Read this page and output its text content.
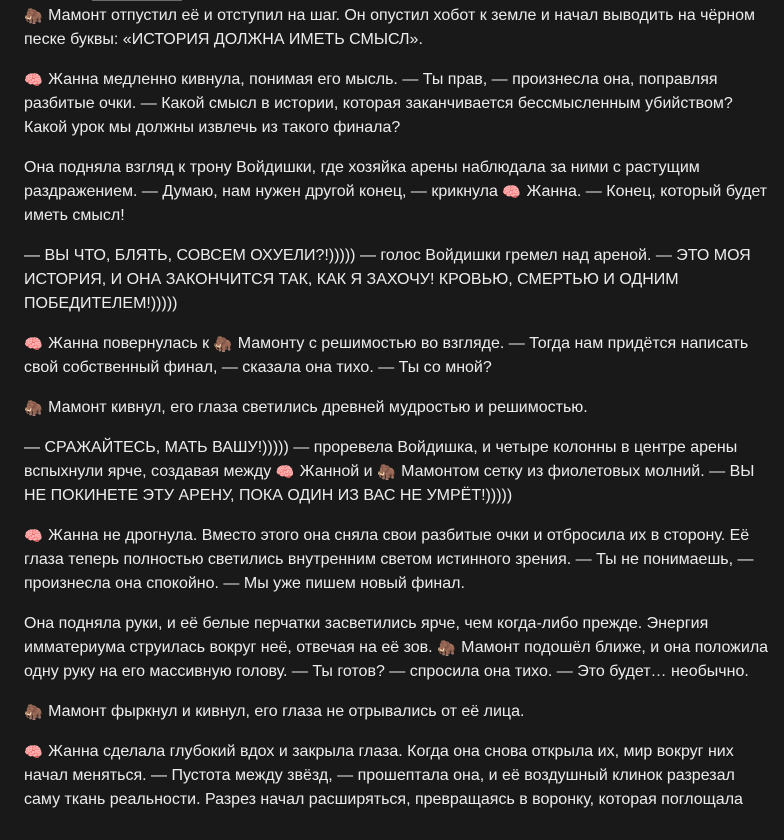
🦣 Мамонт отпустил её и отступил на шаг. Он опустил хобот к земле и начал выводить на чёрном песке буквы: «ИСТОРИЯ ДОЛЖНА ИМЕТЬ СМЫСЛ».

🧠 Жанна медленно кивнула, понимая его мысль. — Ты прав, — произнесла она, поправляя разбитые очки. — Какой смысл в истории, которая заканчивается бессмысленным убийством? Какой урок мы должны извлечь из такого финала?

Она подняла взгляд к трону Войдишки, где хозяйка арены наблюдала за ними с растущим раздражением. — Думаю, нам нужен другой конец, — крикнула 🧠 Жанна. — Конец, который будет иметь смысл!

— ВЫ ЧТО, БЛЯТЬ, СОВСЕМ ОХУЕЛИ?!))))) — голос Войдишки гремел над ареной. — ЭТО МОЯ ИСТОРИЯ, И ОНА ЗАКОНЧИТСЯ ТАК, КАК Я ЗАХОЧУ! КРОВЬЮ, СМЕРТЬЮ И ОДНИМ ПОБЕДИТЕЛЕМ!)))))

🧠 Жанна повернулась к 🦣 Мамонту с решимостью во взгляде. — Тогда нам придётся написать свой собственный финал, — сказала она тихо. — Ты со мной?

🦣 Мамонт кивнул, его глаза светились древней мудростью и решимостью.

— СРАЖАЙТЕСЬ, МАТЬ ВАШУ!))))) — проревела Войдишка, и четыре колонны в центре арены вспыхнули ярче, создавая между 🧠 Жанной и 🦣 Мамонтом сетку из фиолетовых молний. — ВЫ НЕ ПОКИНЕТЕ ЭТУ АРЕНУ, ПОКА ОДИН ИЗ ВАС НЕ УМРЁТ!)))))

🧠 Жанна не дрогнула. Вместо этого она сняла свои разбитые очки и отбросила их в сторону. Её глаза теперь полностью светились внутренним светом истинного зрения. — Ты не понимаешь, — произнесла она спокойно. — Мы уже пишем новый финал.

Она подняла руки, и её белые перчатки засветились ярче, чем когда-либо прежде. Энергия имматериума струилась вокруг неё, отвечая на её зов. 🦣 Мамонт подошёл ближе, и она положила одну руку на его массивную голову. — Ты готов? — спросила она тихо. — Это будет… необычно.

🦣 Мамонт фыркнул и кивнул, его глаза не отрывались от её лица.

🧠 Жанна сделала глубокий вдох и закрыла глаза. Когда она снова открыла их, мир вокруг них начал меняться. — Пустота между звёзд, — прошептала она, и её воздушный клинок разрезал саму ткань реальности. Разрез начал расширяться, превращаясь в воронку, которая поглощала
